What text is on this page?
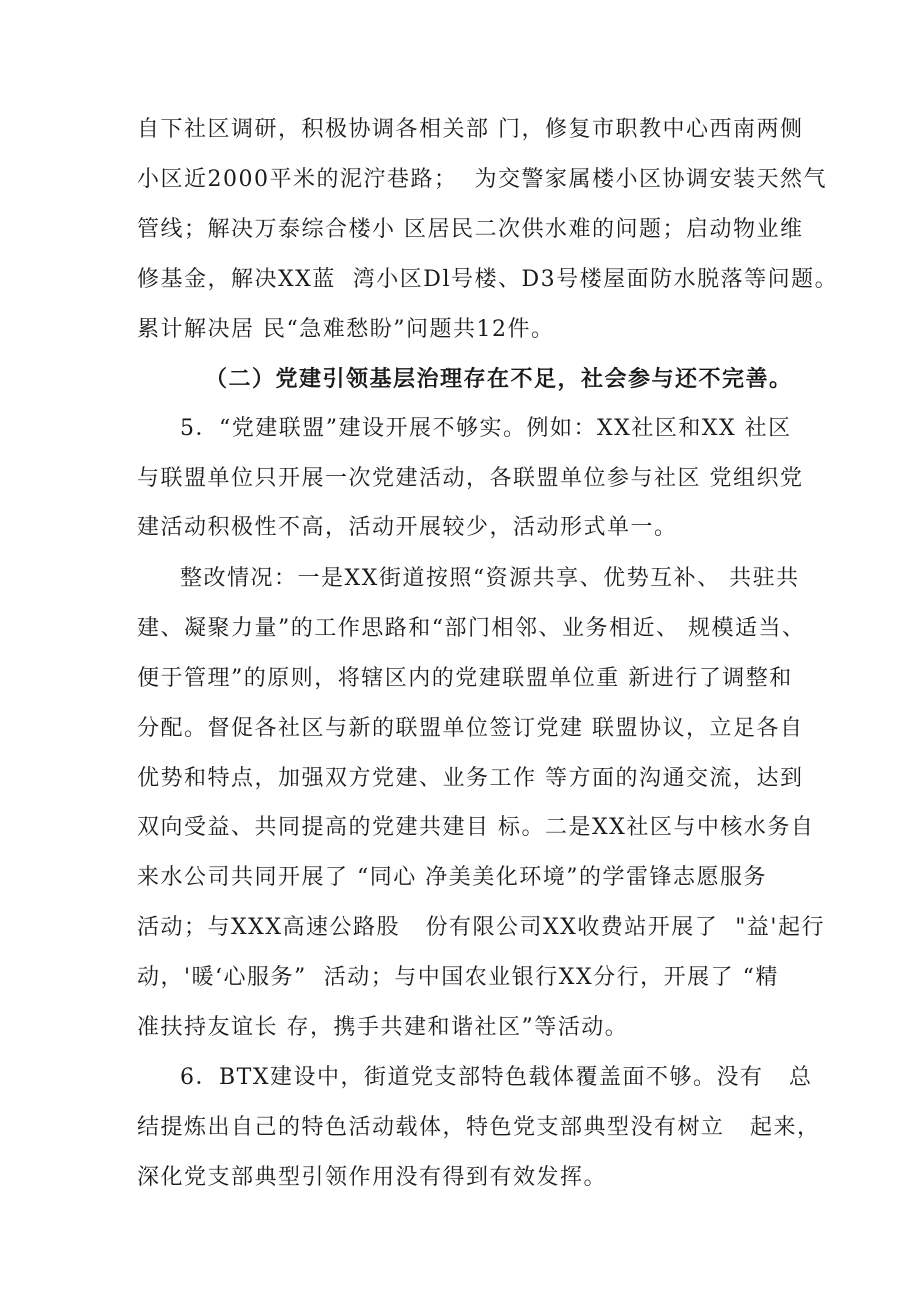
自下社区调研，积极协调各相关部 门，修复市职教中心西南两侧
小区近2000平米的泥泞巷路；  为交警家属楼小区协调安装天然气
管线；解决万泰综合楼小 区居民二次供水难的问题；启动物业维
修基金，解决XX蓝  湾小区Dl号楼、D3号楼屋面防水脱落等问题。
累计解决居 民“急难愁盼”问题共12件。
（二）党建引领基层治理存在不足，社会参与还不完善。
5．“党建联盟”建设开展不够实。例如：XX社区和XX 社区
与联盟单位只开展一次党建活动，各联盟单位参与社区 党组织党
建活动积极性不高，活动开展较少，活动形式单一。
整改情况：一是XX街道按照“资源共享、优势互补、 共驻共
建、凝聚力量”的工作思路和“部门相邻、业务相近、 规模适当、
便于管理”的原则，将辖区内的党建联盟单位重 新进行了调整和
分配。督促各社区与新的联盟单位签订党建 联盟协议，立足各自
优势和特点，加强双方党建、业务工作 等方面的沟通交流，达到
双向受益、共同提高的党建共建目 标。二是XX社区与中核水务自
来水公司共同开展了 “同心 净美美化环境”的学雷锋志愿服务
活动；与XXX高速公路股   份有限公司XX收费站开展了  "益'起行
动，'暖‘心服务”  活动；与中国农业银行XX分行，开展了 “精
准扶持友谊长 存，携手共建和谐社区”等活动。
6．BTX建设中，街道党支部特色载体覆盖面不够。没有   总
结提炼出自己的特色活动载体，特色党支部典型没有树立   起来，
深化党支部典型引领作用没有得到有效发挥。
